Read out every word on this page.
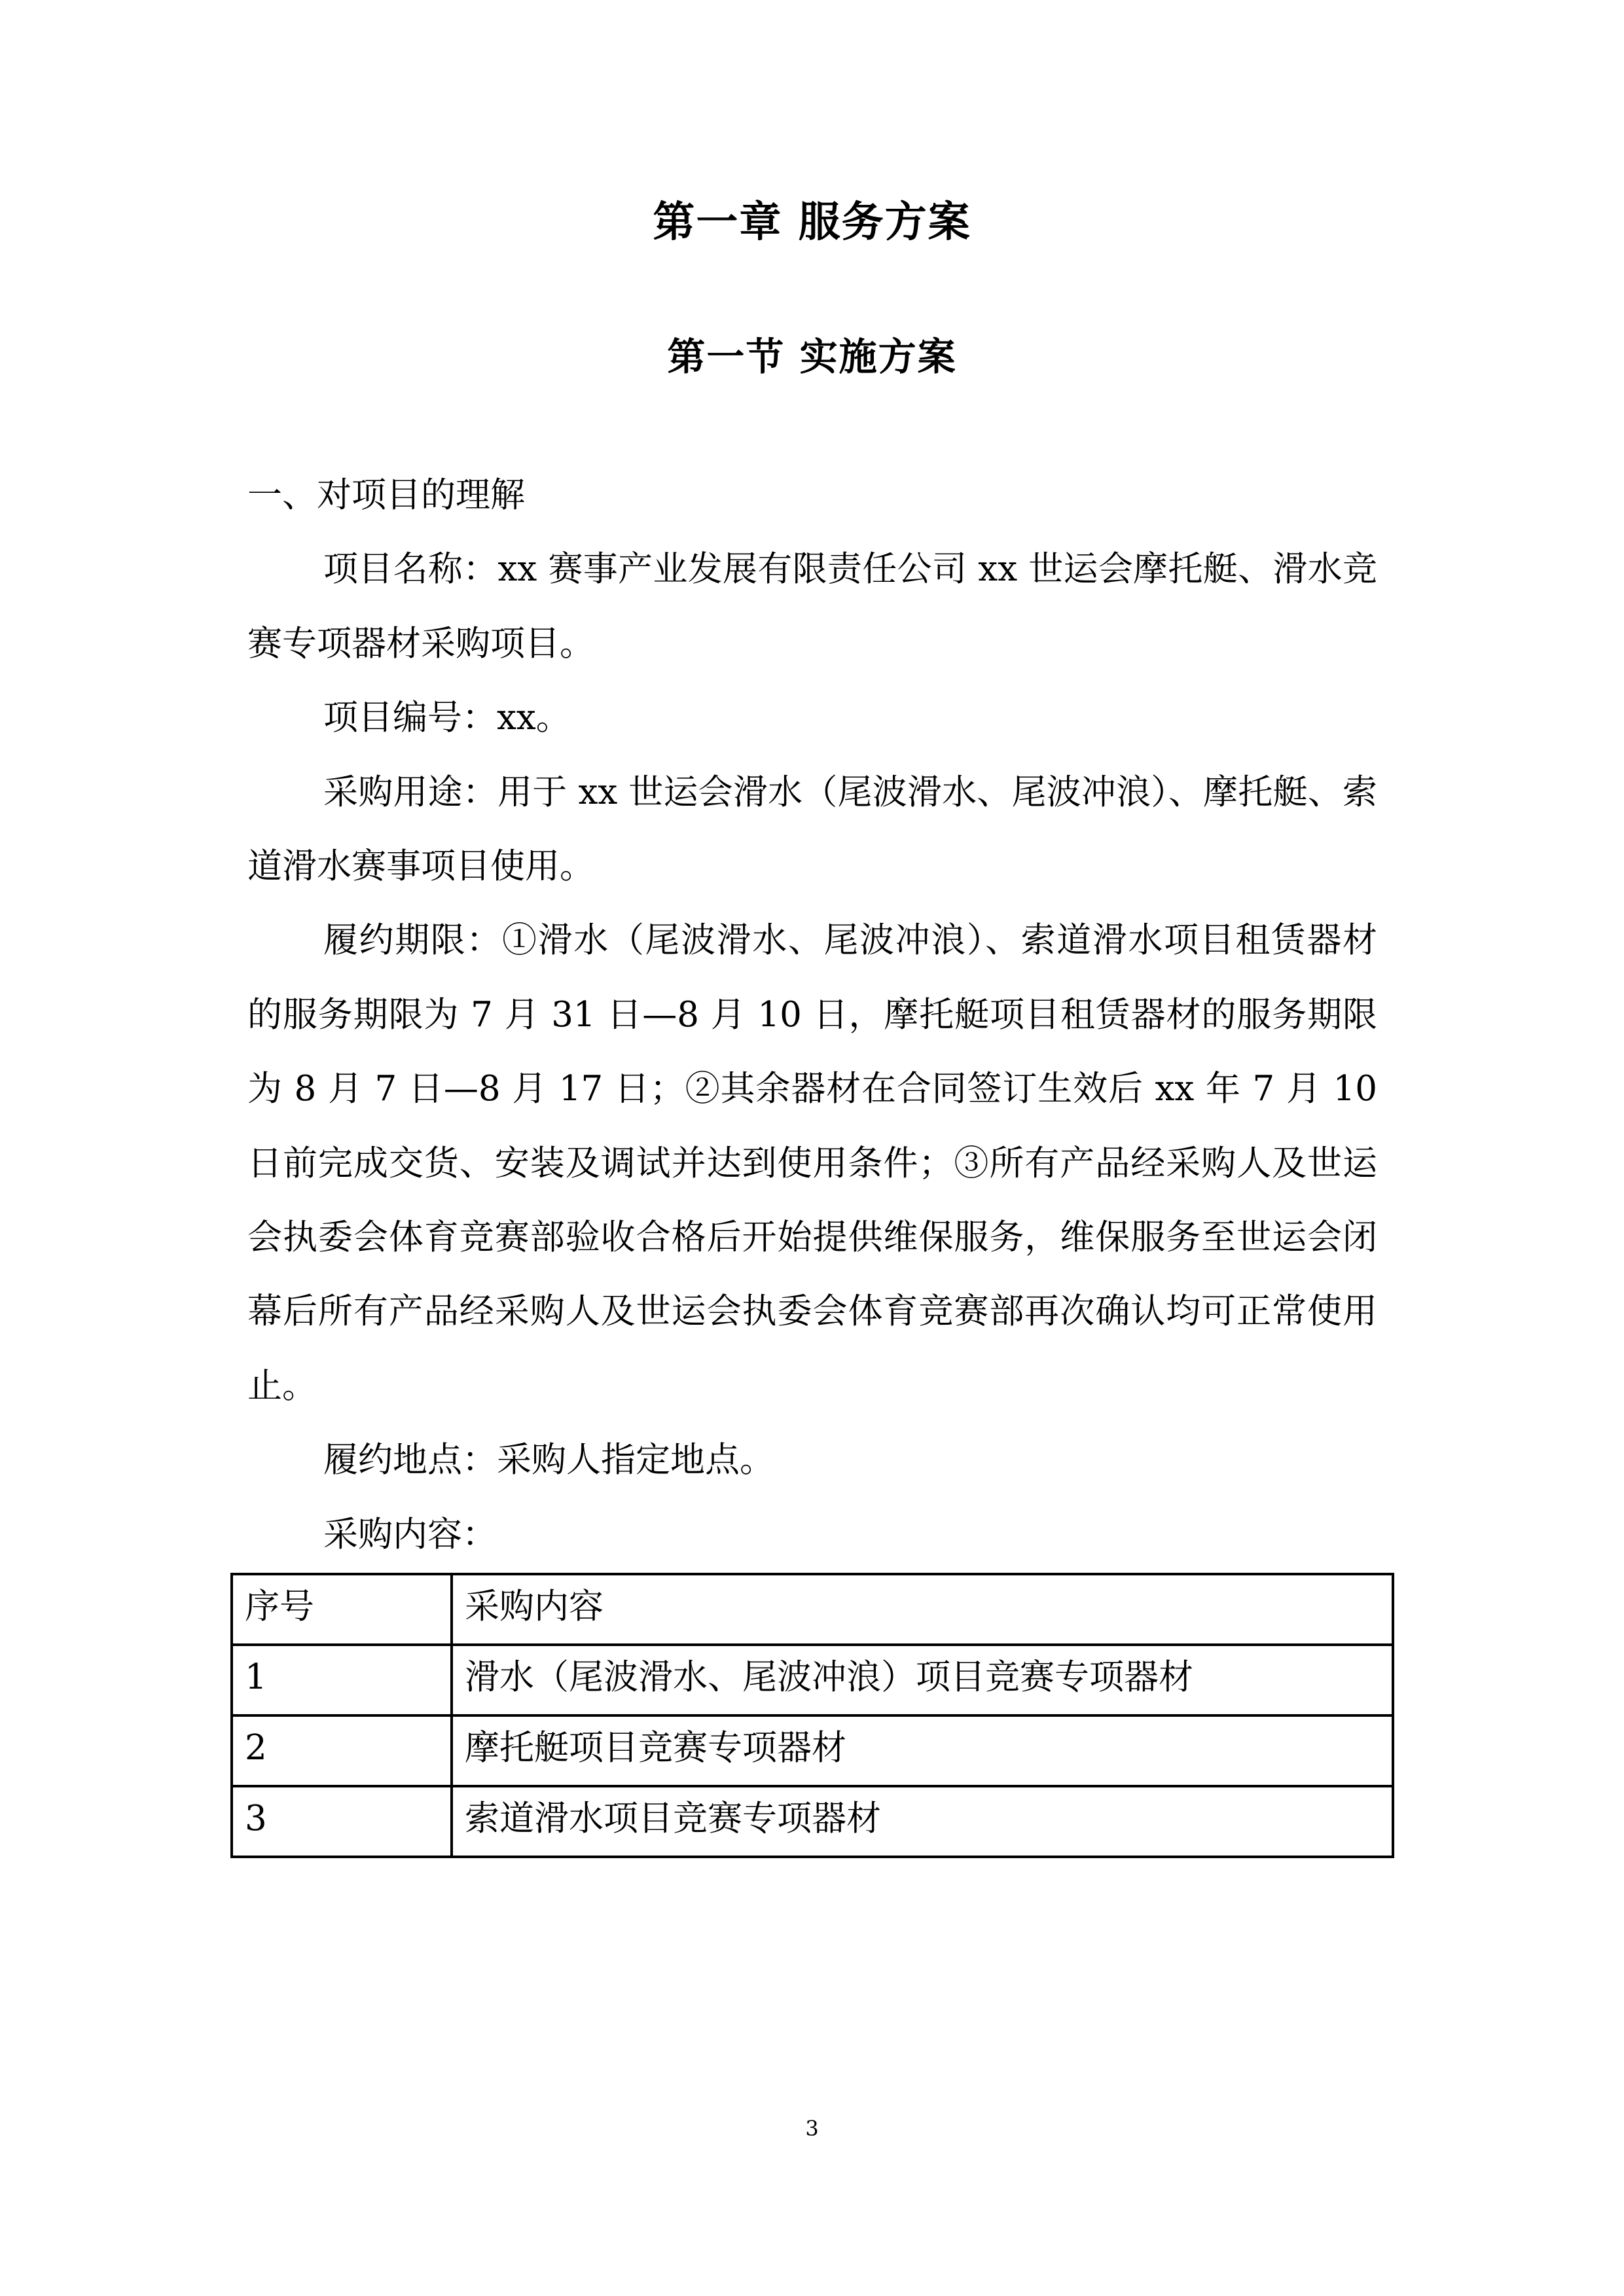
第一章 服务方案
第一节 实施方案

一、对项目的理解

项目名称：xx 赛事产业发展有限责任公司 xx 世运会摩托艇、滑水竞赛专项器材采购项目。

项目编号：xx。

采购用途：用于 xx 世运会滑水（尾波滑水、尾波冲浪）、摩托艇、索道滑水赛事项目使用。

履约期限：①滑水（尾波滑水、尾波冲浪）、索道滑水项目租赁器材的服务期限为 7 月 31 日—8 月 10 日，摩托艇项目租赁器材的服务期限为 8 月 7 日—8 月 17 日；②其余器材在合同签订生效后 xx 年 7 月 10 日前完成交货、安装及调试并达到使用条件；③所有产品经采购人及世运会执委会体育竞赛部验收合格后开始提供维保服务，维保服务至世运会闭幕后所有产品经采购人及世运会执委会体育竞赛部再次确认均可正常使用止。

履约地点：采购人指定地点。

采购内容：

序号	采购内容
1	滑水（尾波滑水、尾波冲浪）项目竞赛专项器材
2	摩托艇项目竞赛专项器材
3	索道滑水项目竞赛专项器材
3
